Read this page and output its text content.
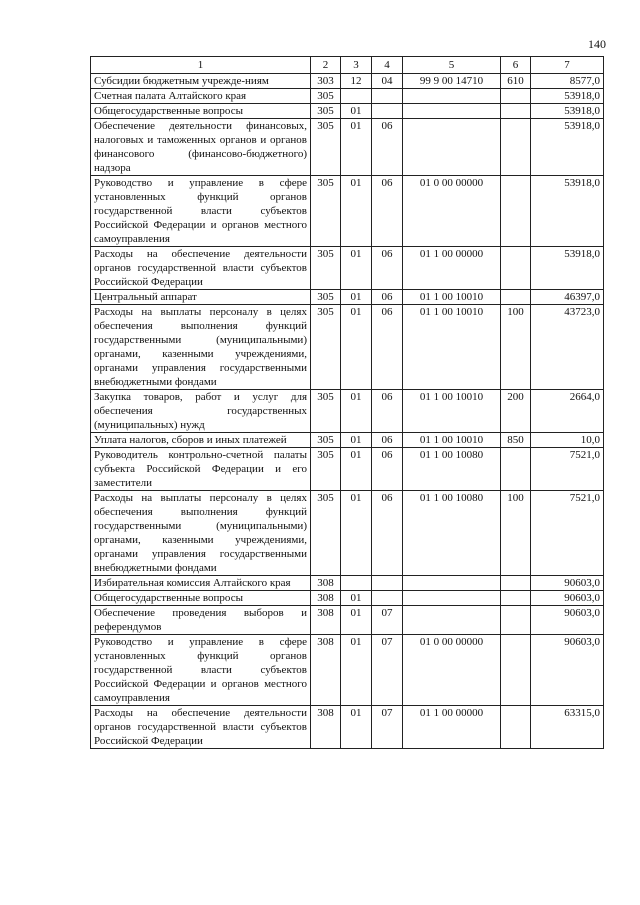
140
1	2	3	4	5	6	7
Субсидии бюджетным учрежде-ниям	303	12	04	99 9 00 14710	610	8577,0
Счетная палата Алтайского края	305					53918,0
Общегосударственные вопросы	305	01				53918,0
Обеспечение деятельности финансовых, налоговых и таможенных органов и органов финансового (финансово-бюджетного) надзора	305	01	06			53918,0
Руководство и управление в сфере установленных функций органов государственной власти субъектов Российской Федерации и органов местного самоуправления	305	01	06	01 0 00 00000		53918,0
Расходы на обеспечение деятельности органов государственной власти субъектов Российской Федерации	305	01	06	01 1 00 00000		53918,0
Центральный аппарат	305	01	06	01 1 00 10010		46397,0
Расходы на выплаты персоналу в целях обеспечения выполнения функций государственными (муниципальными) органами, казенными учреждениями, органами управления государственными внебюджетными фондами	305	01	06	01 1 00 10010	100	43723,0
Закупка товаров, работ и услуг для обеспечения государственных (муниципальных) нужд	305	01	06	01 1 00 10010	200	2664,0
Уплата налогов, сборов и иных платежей	305	01	06	01 1 00 10010	850	10,0
Руководитель контрольно-счетной палаты субъекта Российской Федерации и его заместители	305	01	06	01 1 00 10080		7521,0
Расходы на выплаты персоналу в целях обеспечения выполнения функций государственными (муниципальными) органами, казенными учреждениями, органами управления государственными внебюджетными фондами	305	01	06	01 1 00 10080	100	7521,0
Избирательная комиссия Алтайского края	308					90603,0
Общегосударственные вопросы	308	01				90603,0
Обеспечение проведения выборов и референдумов	308	01	07			90603,0
Руководство и управление в сфере установленных функций органов государственной власти субъектов Российской Федерации и органов местного самоуправления	308	01	07	01 0 00 00000		90603,0
Расходы на обеспечение деятельности органов государственной власти субъектов Российской Федерации	308	01	07	01 1 00 00000		63315,0
